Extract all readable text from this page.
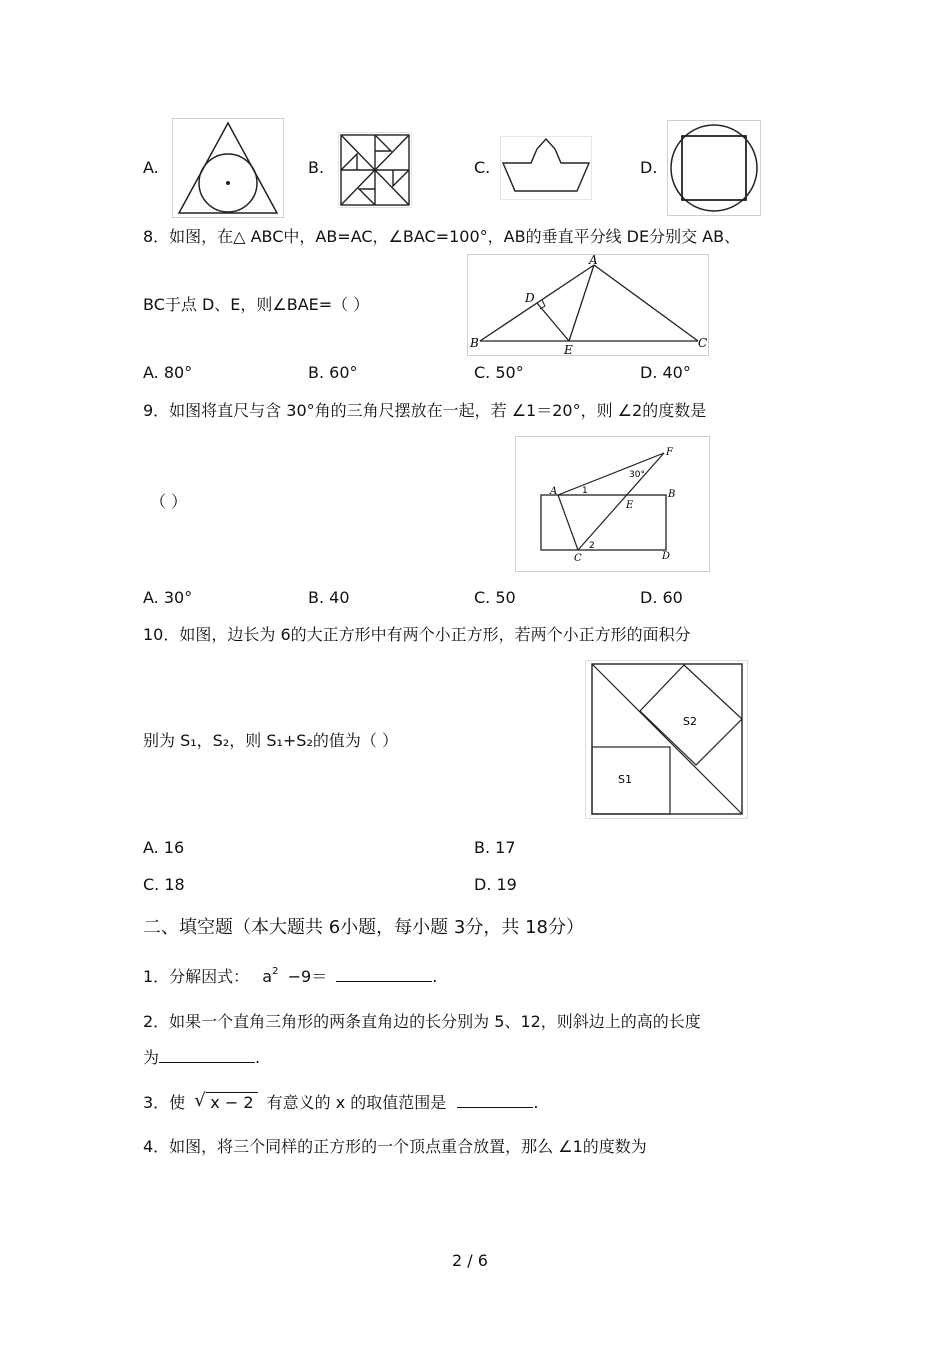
A.	B.	C.	D.
8．如图，在△ ABC中，AB=AC，∠BAC=100°，AB的垂直平分线 DE分别交 AB、
BC于点 D、E，则∠BAE=（ ）
A
B	C
D
E
A. 80°	B. 60°	C. 50°	D. 40°
9．如图将直尺与含 30°角的三角尺摆放在一起，若 ∠1＝20°，则 ∠2的度数是
（ ）
F
A	B
C	D
E
30°
1
2
A. 30°	B. 40	C. 50	D. 60
10．如图，边长为 6的大正方形中有两个小正方形，若两个小正方形的面积分
别为 S₁，S₂，则 S₁+S₂的值为（ ）
S1
S2
A. 16	B. 17
C. 18	D. 19
二、填空题（本大题共 6小题，每小题 3分，共 18分）
1．分解因式： $a^2 -9=$	.
2．如果一个直角三角形的两条直角边的长分别为 5、12，则斜边上的高的长度
为	.
3．使 √ x − 2 有意义的 x 的取值范围是	.
4．如图，将三个同样的正方形的一个顶点重合放置，那么 ∠1的度数为
2 / 6
